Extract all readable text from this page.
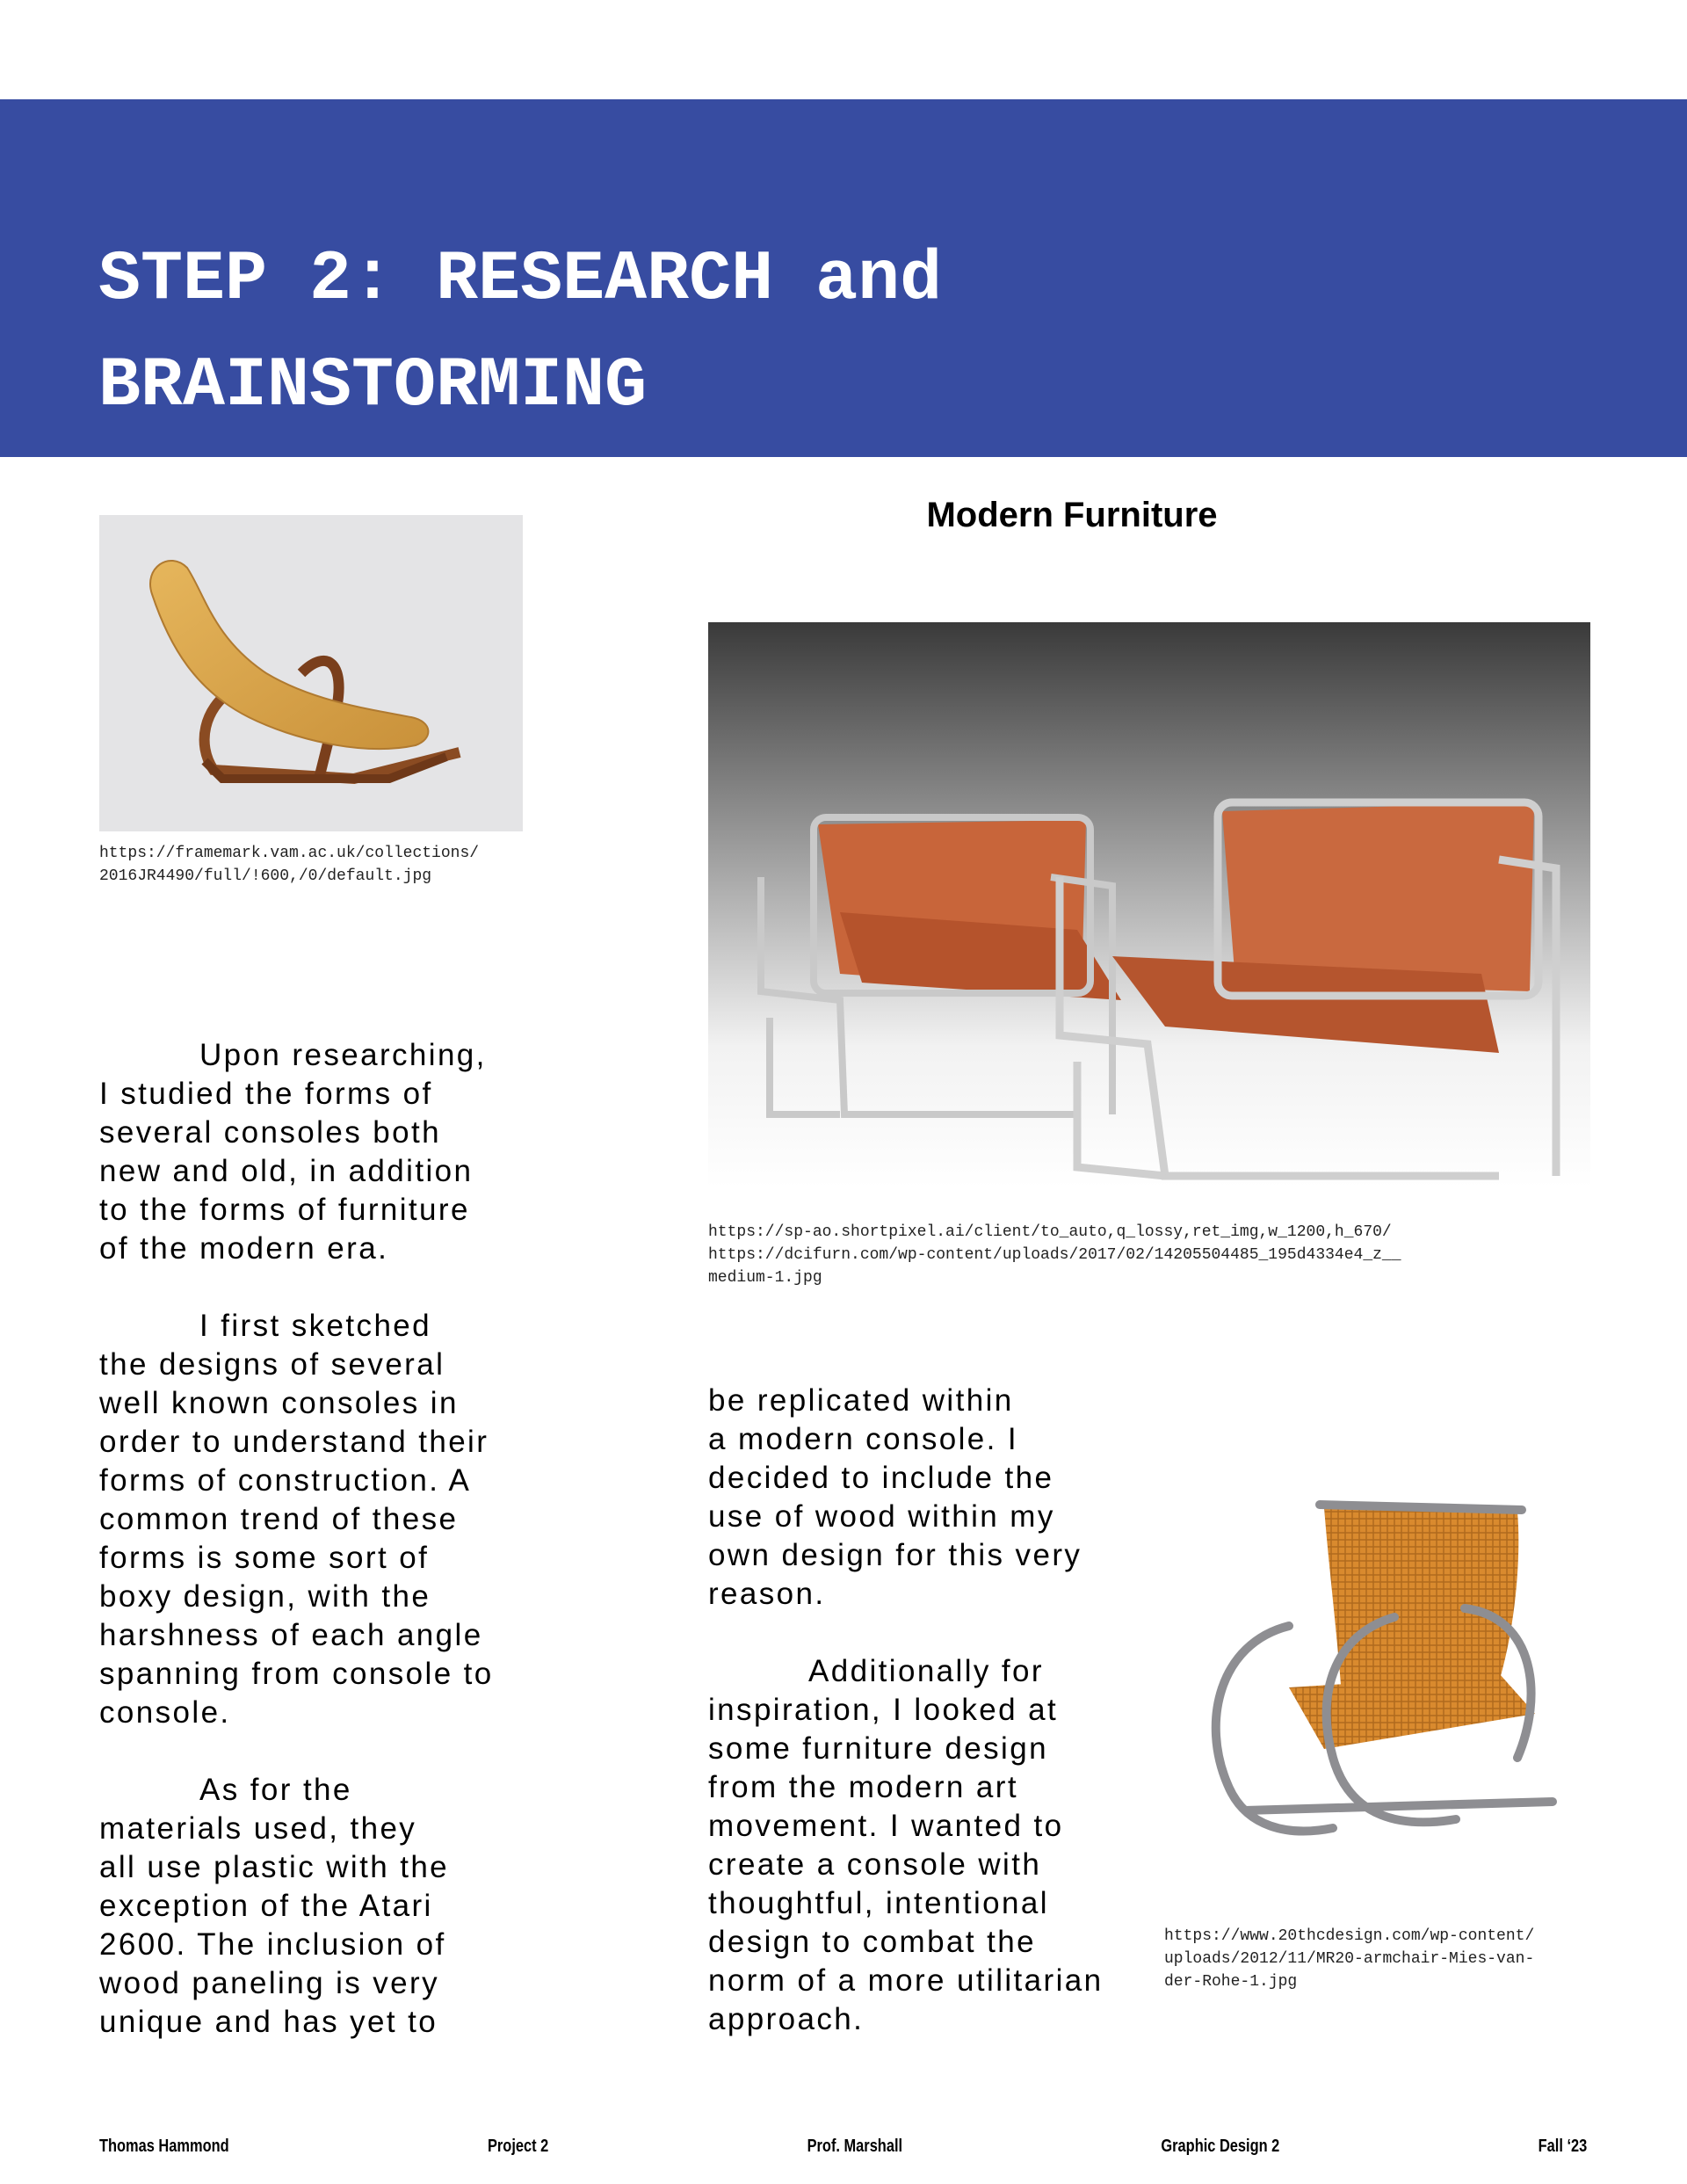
STEP 2: RESEARCH and
BRAINSTORMING
Modern Furniture

https://framemark.vam.ac.uk/collections/
2016JR4490/full/!600,/0/default.jpg

https://sp-ao.shortpixel.ai/client/to_auto,q_lossy,ret_img,w_1200,h_670/
https://dcifurn.com/wp-content/uploads/2017/02/14205504485_195d4334e4_z__
medium-1.jpg

https://www.20thcdesign.com/wp-content/
uploads/2012/11/MR20-armchair-Mies-van-
der-Rohe-1.jpg

Upon researching,
I studied the forms of
several consoles both
new and old, in addition
to the forms of furniture
of the modern era.
I first sketched
the designs of several
well known consoles in
order to understand their
forms of construction. A
common trend of these
forms is some sort of
boxy design, with the
harshness of each angle
spanning from console to
console.
As for the
materials used, they
all use plastic with the
exception of the Atari
2600. The inclusion of
wood paneling is very
unique and has yet to
be replicated within
a modern console. I
decided to include the
use of wood within my
own design for this very
reason.
Additionally for
inspiration, I looked at
some furniture design
from the modern art
movement. I wanted to
create a console with
thoughtful, intentional
design to combat the
norm of a more utilitarian
approach.
Thomas Hammond	Project 2	Prof. Marshall	Graphic Design 2	Fall ‘23
